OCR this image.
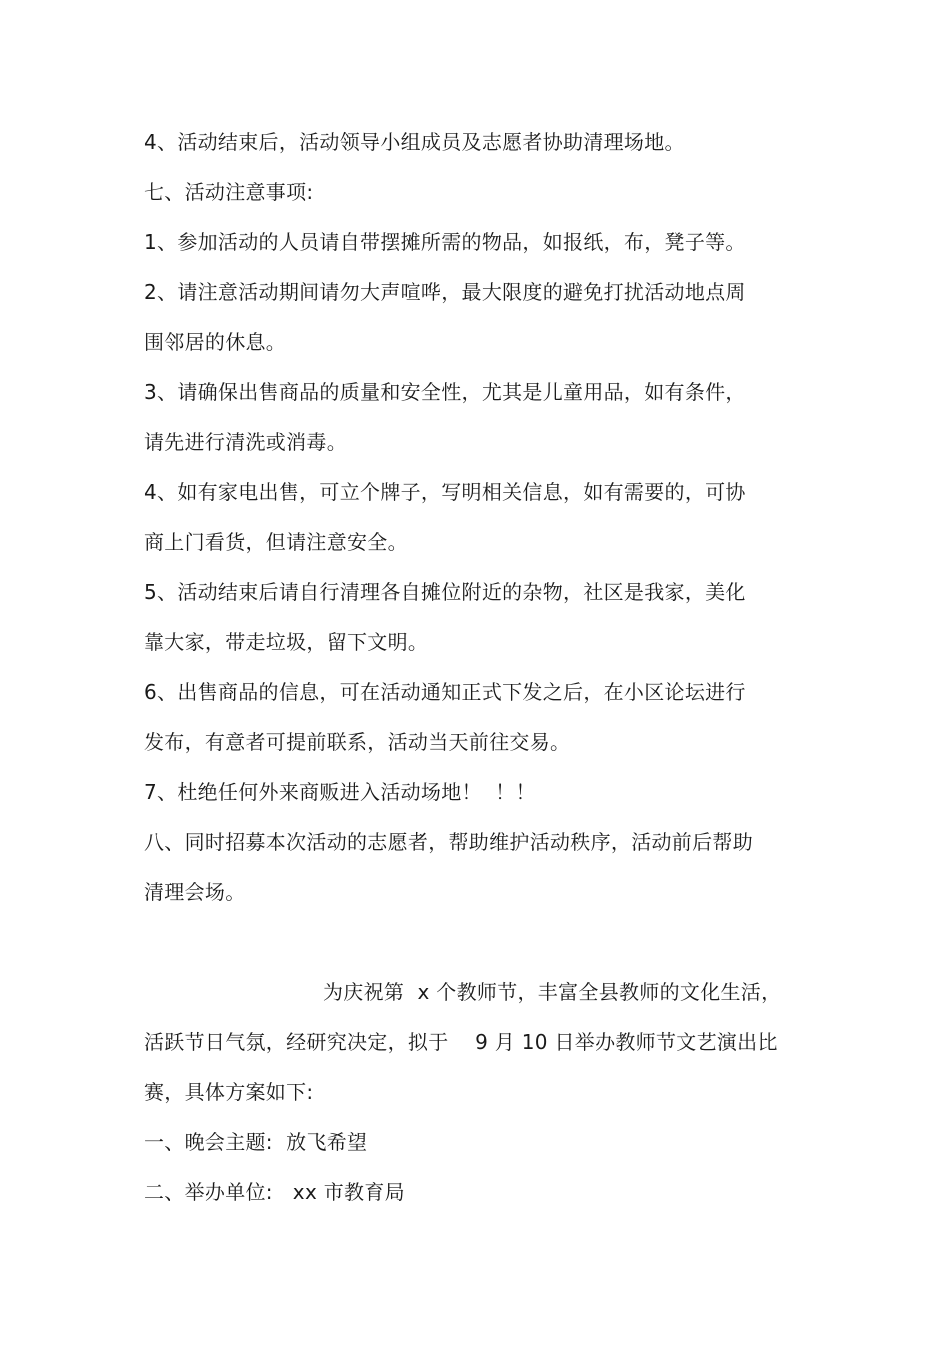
4、活动结束后，活动领导小组成员及志愿者协助清理场地。
七、活动注意事项:
1、参加活动的人员请自带摆摊所需的物品，如报纸，布，凳子等。
2、请注意活动期间请勿大声喧哗，最大限度的避免打扰活动地点周
围邻居的休息。
3、请确保出售商品的质量和安全性，尤其是儿童用品，如有条件，
请先进行清洗或消毒。
4、如有家电出售，可立个牌子，写明相关信息，如有需要的，可协
商上门看货，但请注意安全。
5、活动结束后请自行清理各自摊位附近的杂物，社区是我家，美化
靠大家，带走垃圾，留下文明。
6、出售商品的信息，可在活动通知正式下发之后，在小区论坛进行
发布，有意者可提前联系，活动当天前往交易。
7、杜绝任何外来商贩进入活动场地！  ！！
八、同时招募本次活动的志愿者，帮助维护活动秩序，活动前后帮助
清理会场。
为庆祝第  x 个教师节，丰富全县教师的文化生活，
活跃节日气氛，经研究决定，拟于    9 月 10 日举办教师节文艺演出比
赛，具体方案如下:
一、晚会主题:  放飞希望
二、举办单位:   xx 市教育局
